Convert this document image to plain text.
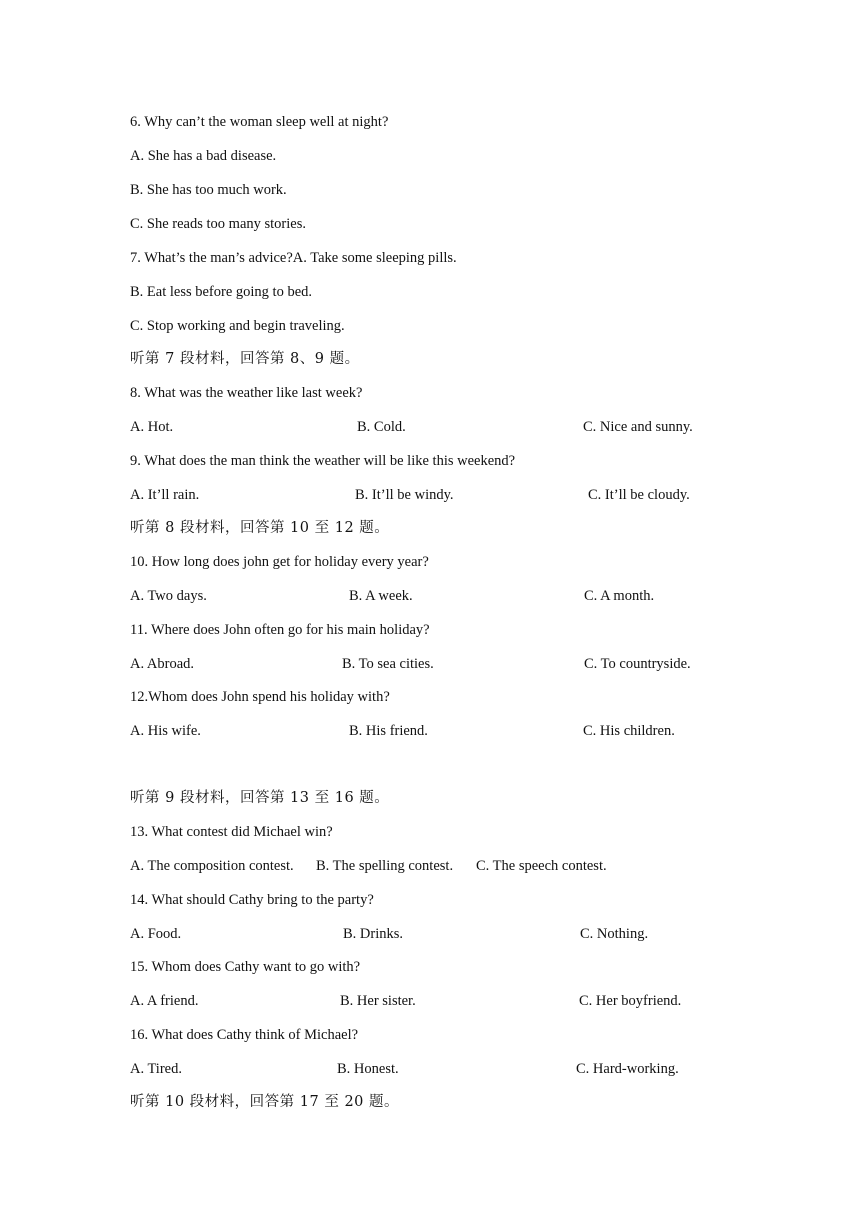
6. Why can’t the woman sleep well at night?
A. She has a bad disease.
B. She has too much work.
C. She reads too many stories.
7. What’s the man’s advice?A. Take some sleeping pills.
B. Eat less before going to bed.
C. Stop working and begin traveling.
听第 7 段材料，回答第 8、9 题。
8. What was the weather like last week?
A. Hot.	B. Cold.	C. Nice and sunny.
9. What does the man think the weather will be like this weekend?
A. It’ll rain.	B. It’ll be windy.	C. It’ll be cloudy.
听第 8 段材料，回答第 10 至 12 题。
10. How long does john get for holiday every year?
A. Two days.	B. A week.	C. A month.
11. Where does John often go for his main holiday?
A. Abroad.	B. To sea cities.	C. To countryside.
12.Whom does John spend his holiday with?
A. His wife.	B. His friend.	C. His children.
听第 9 段材料，回答第 13 至 16 题。
13. What contest did Michael win?
A. The composition contest. B. The spelling contest. C. The speech contest.
14. What should Cathy bring to the party?
A. Food.	B. Drinks.	C. Nothing.
15. Whom does Cathy want to go with?
A. A friend.	B. Her sister.	C. Her boyfriend.
16. What does Cathy think of Michael?
A. Tired.	B. Honest.	C. Hard-working.
听第 10 段材料，回答第 17 至 20 题。
